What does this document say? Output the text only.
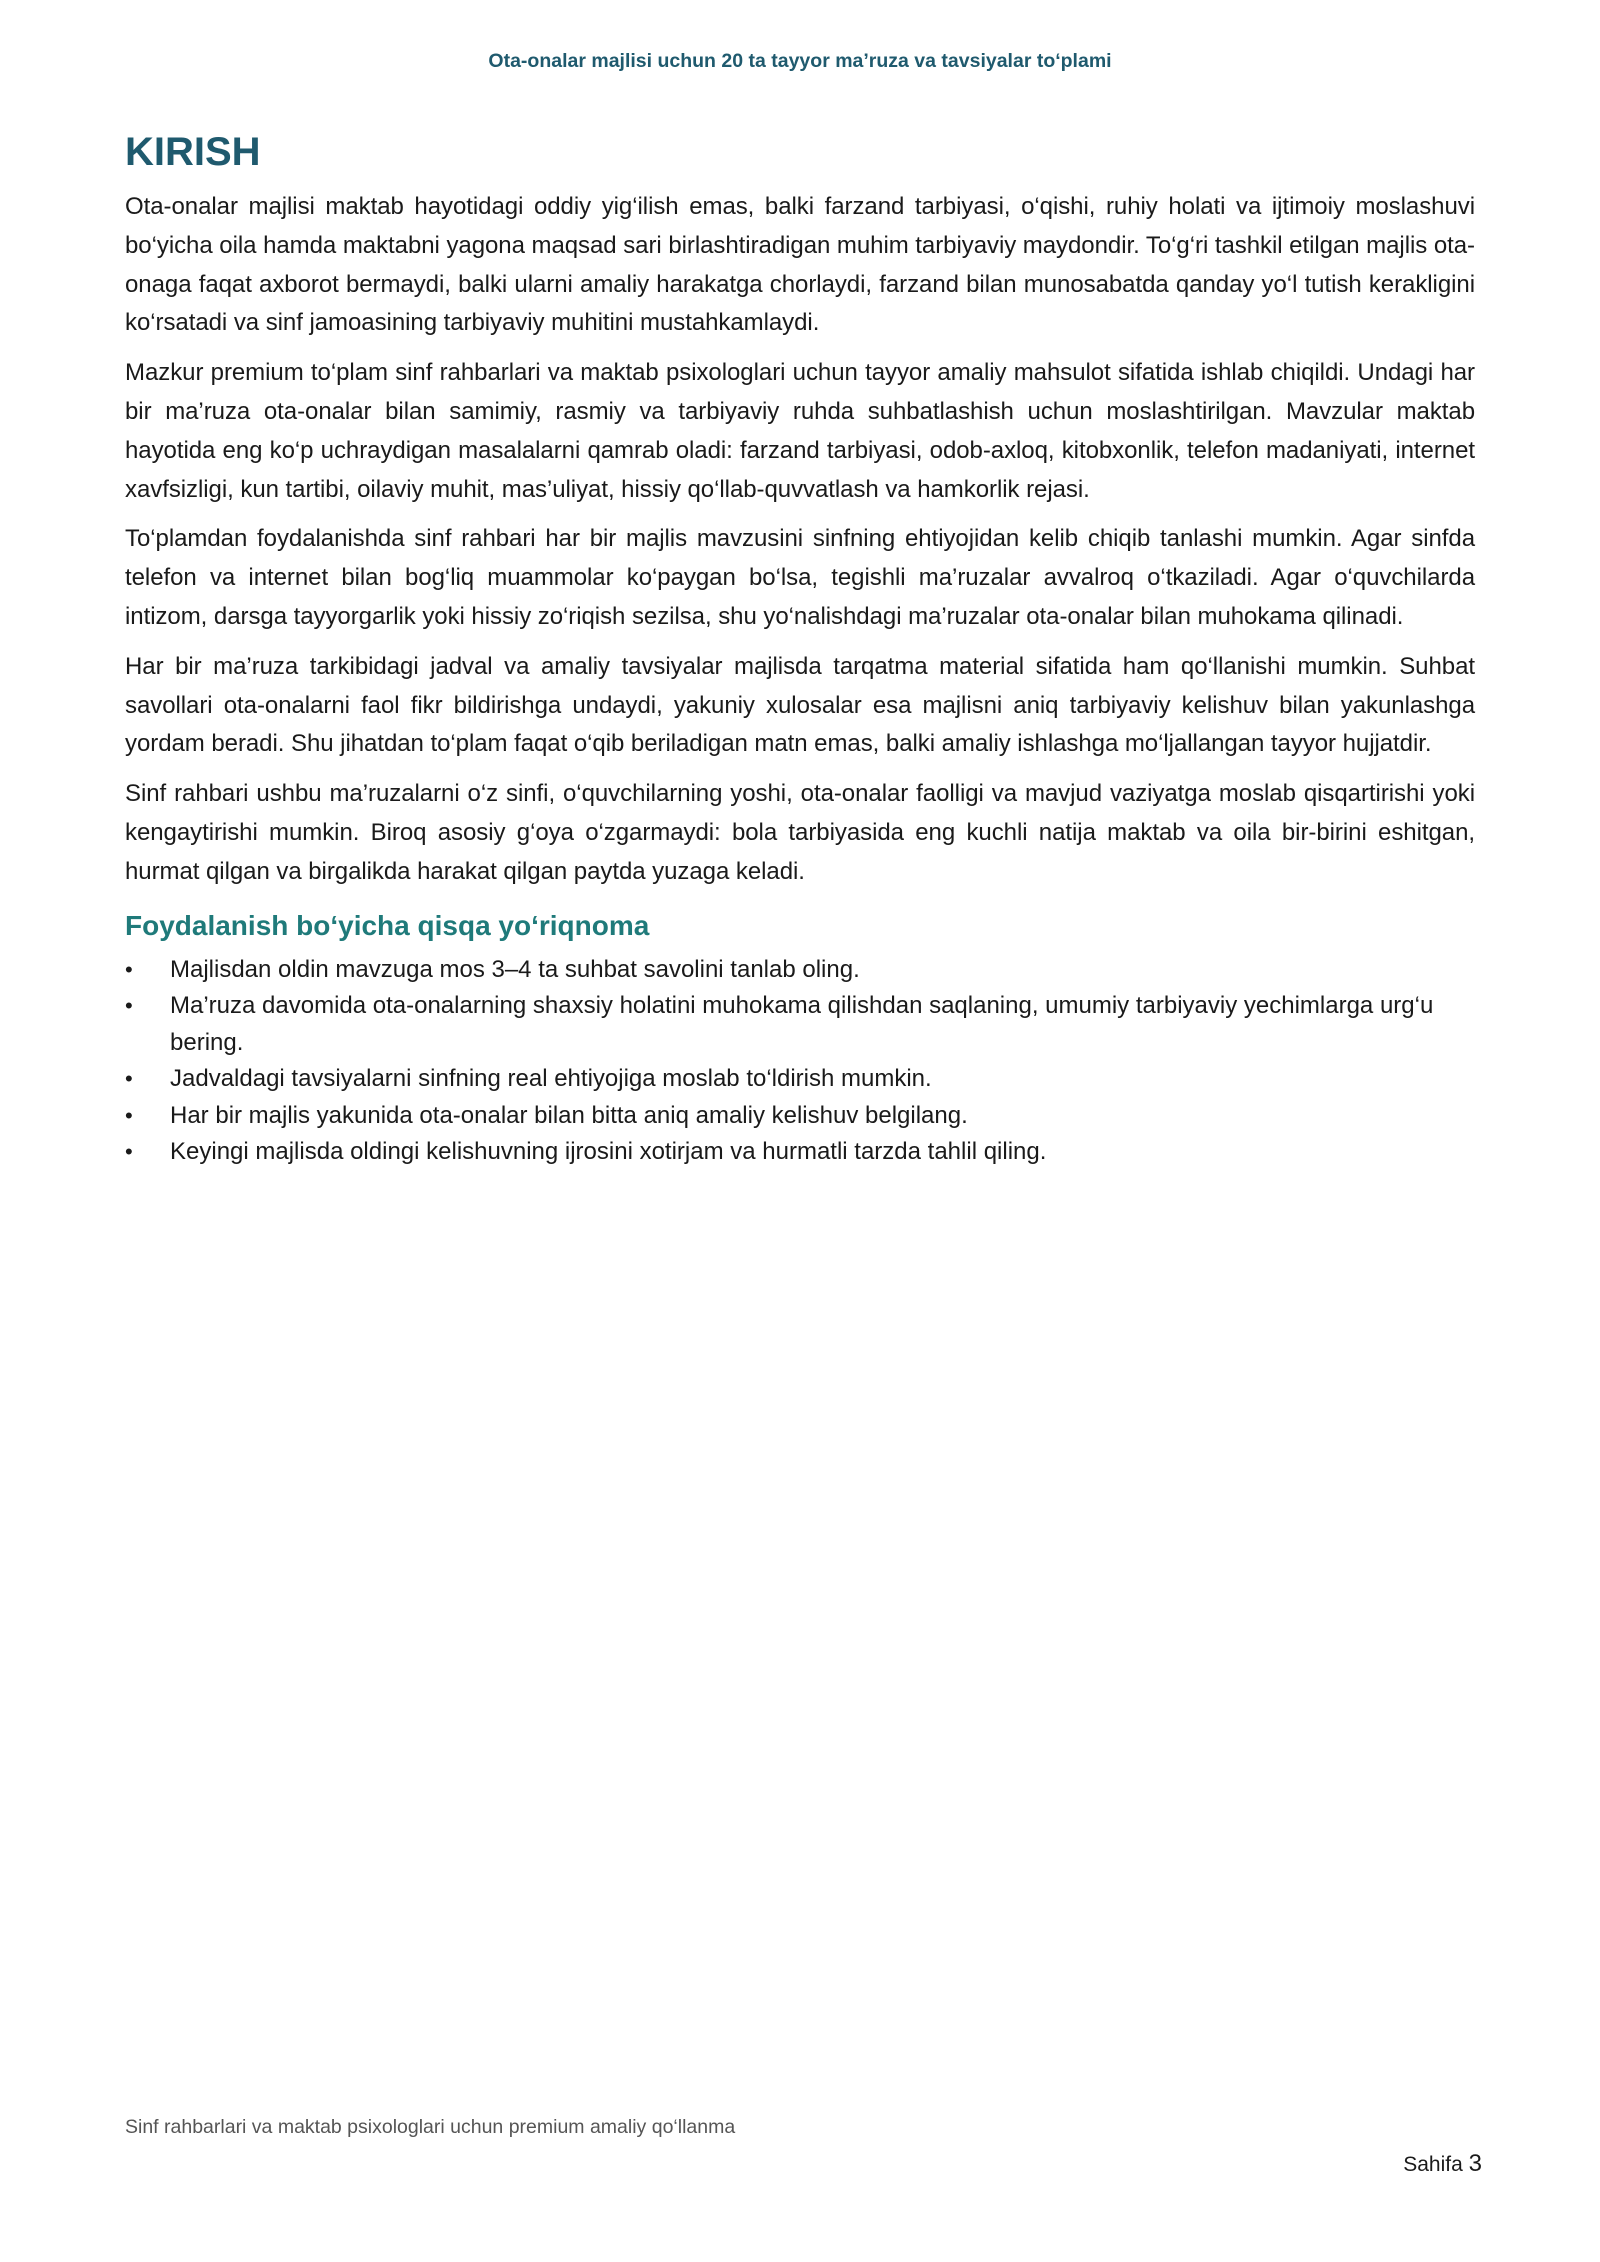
Ota-onalar majlisi uchun 20 ta tayyor ma’ruza va tavsiyalar to‘plami
KIRISH

Ota-onalar majlisi maktab hayotidagi oddiy yig‘ilish emas, balki farzand tarbiyasi, o‘qishi, ruhiy holati va ijtimoiy moslashuvi bo‘yicha oila hamda maktabni yagona maqsad sari birlashtiradigan muhim tarbiyaviy maydondir. To‘g‘ri tashkil etilgan majlis ota-onaga faqat axborot bermaydi, balki ularni amaliy harakatga chorlaydi, farzand bilan munosabatda qanday yo‘l tutish kerakligini ko‘rsatadi va sinf jamoasining tarbiyaviy muhitini mustahkamlaydi.

Mazkur premium to‘plam sinf rahbarlari va maktab psixologlari uchun tayyor amaliy mahsulot sifatida ishlab chiqildi. Undagi har bir ma’ruza ota-onalar bilan samimiy, rasmiy va tarbiyaviy ruhda suhbatlashish uchun moslashtirilgan. Mavzular maktab hayotida eng ko‘p uchraydigan masalalarni qamrab oladi: farzand tarbiyasi, odob-axloq, kitobxonlik, telefon madaniyati, internet xavfsizligi, kun tartibi, oilaviy muhit, mas’uliyat, hissiy qo‘llab-quvvatlash va hamkorlik rejasi.

To‘plamdan foydalanishda sinf rahbari har bir majlis mavzusini sinfning ehtiyojidan kelib chiqib tanlashi mumkin. Agar sinfda telefon va internet bilan bog‘liq muammolar ko‘paygan bo‘lsa, tegishli ma’ruzalar avvalroq o‘tkaziladi. Agar o‘quvchilarda intizom, darsga tayyorgarlik yoki hissiy zo‘riqish sezilsa, shu yo‘nalishdagi ma’ruzalar ota-onalar bilan muhokama qilinadi.

Har bir ma’ruza tarkibidagi jadval va amaliy tavsiyalar majlisda tarqatma material sifatida ham qo‘llanishi mumkin. Suhbat savollari ota-onalarni faol fikr bildirishga undaydi, yakuniy xulosalar esa majlisni aniq tarbiyaviy kelishuv bilan yakunlashga yordam beradi. Shu jihatdan to‘plam faqat o‘qib beriladigan matn emas, balki amaliy ishlashga mo‘ljallangan tayyor hujjatdir.

Sinf rahbari ushbu ma’ruzalarni o‘z sinfi, o‘quvchilarning yoshi, ota-onalar faolligi va mavjud vaziyatga moslab qisqartirishi yoki kengaytirishi mumkin. Biroq asosiy g‘oya o‘zgarmaydi: bola tarbiyasida eng kuchli natija maktab va oila bir-birini eshitgan, hurmat qilgan va birgalikda harakat qilgan paytda yuzaga keladi.

Foydalanish bo‘yicha qisqa yo‘riqnoma
•	Majlisdan oldin mavzuga mos 3–4 ta suhbat savolini tanlab oling.
•	Ma’ruza davomida ota-onalarning shaxsiy holatini muhokama qilishdan saqlaning, umumiy tarbiyaviy yechimlarga urg‘u bering.
•	Jadvaldagi tavsiyalarni sinfning real ehtiyojiga moslab to‘ldirish mumkin.
•	Har bir majlis yakunida ota-onalar bilan bitta aniq amaliy kelishuv belgilang.
•	Keyingi majlisda oldingi kelishuvning ijrosini xotirjam va hurmatli tarzda tahlil qiling.
Sinf rahbarlari va maktab psixologlari uchun premium amaliy qo‘llanma
Sahifa 3
